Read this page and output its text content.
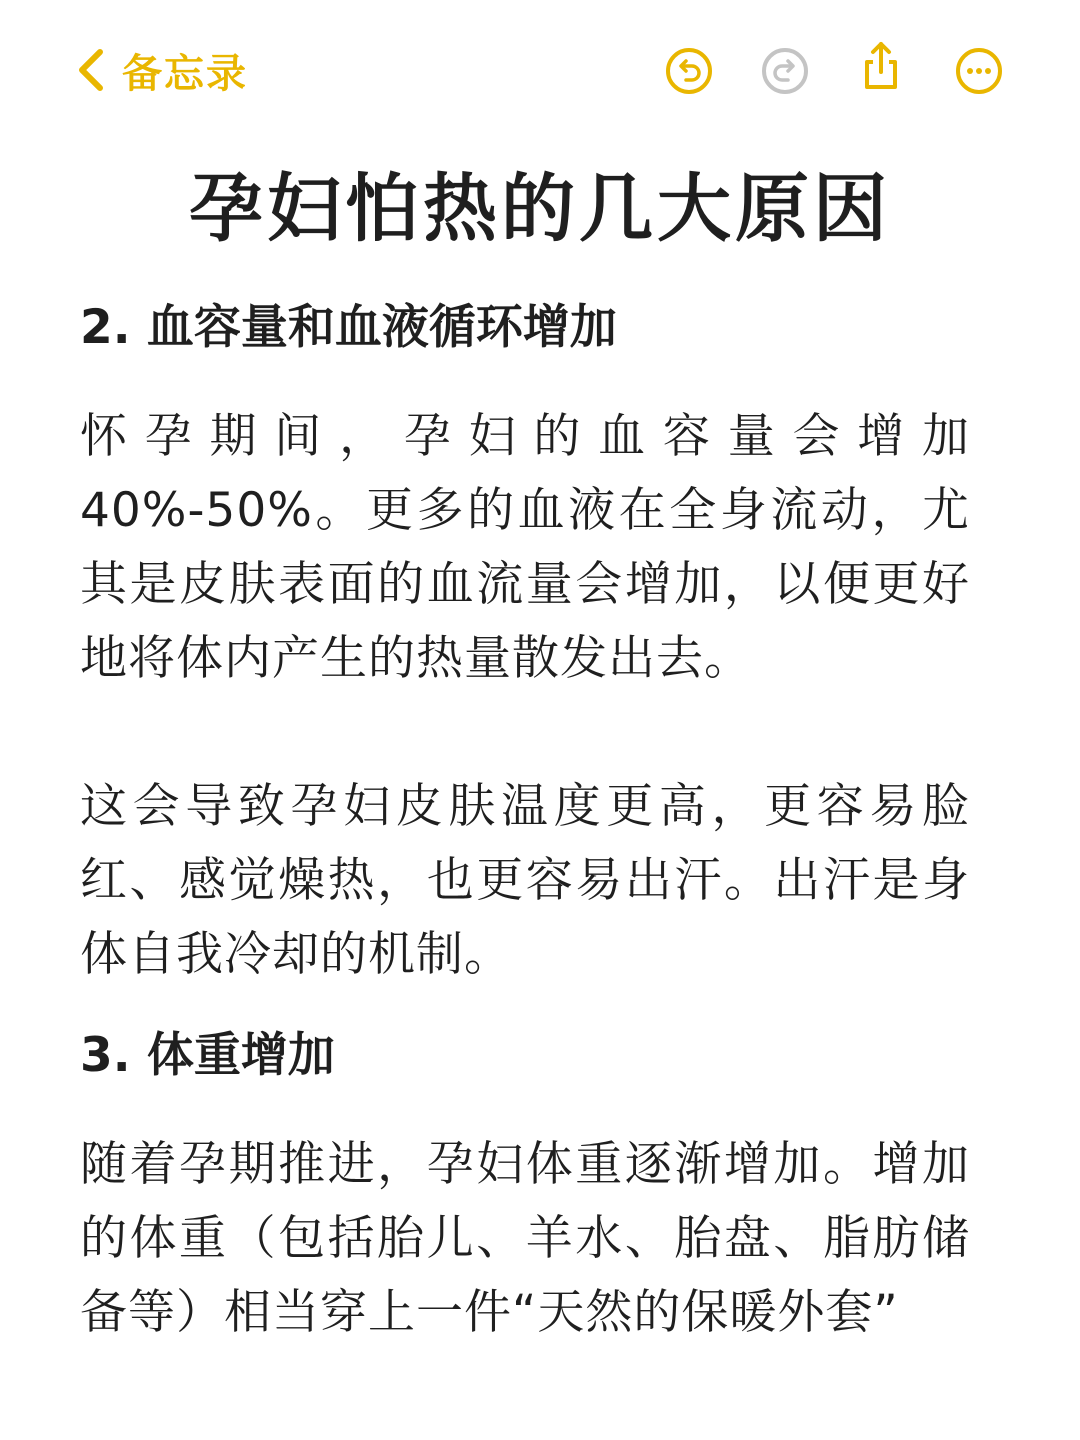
备忘录
孕妇怕热的几大原因
2. 血容量和血液循环增加
怀孕期间，孕妇的血容量会增加40%-50%。更多的血液在全身流动，尤其是皮肤表面的血流量会增加，以便更好地将体内产生的热量散发出去。
这会导致孕妇皮肤温度更高，更容易脸红、感觉燥热，也更容易出汗。出汗是身体自我冷却的机制。
3. 体重增加
随着孕期推进，孕妇体重逐渐增加。增加的体重（包括胎儿、羊水、胎盘、脂肪储备等）相当穿上一件“天然的保暖外套”
